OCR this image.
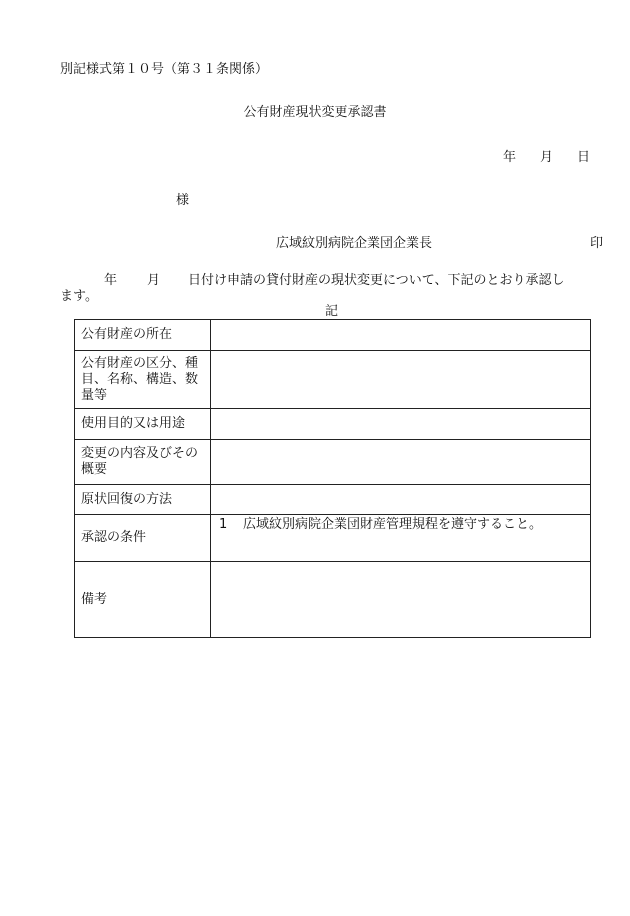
別記様式第１０号（第３１条関係）
公有財産現状変更承認書
年 月 日
様
広域紋別病院企業団企業長	印
年 月 日付け申請の貸付財産の現状変更について、下記のとおり承認し
ます。
記
公有財産の所在	
公有財産の区分、種目、名称、構造、数量等	
使用目的又は用途	
変更の内容及びその概要	
原状回復の方法	
承認の条件	1 広域紋別病院企業団財産管理規程を遵守すること。
備考	
